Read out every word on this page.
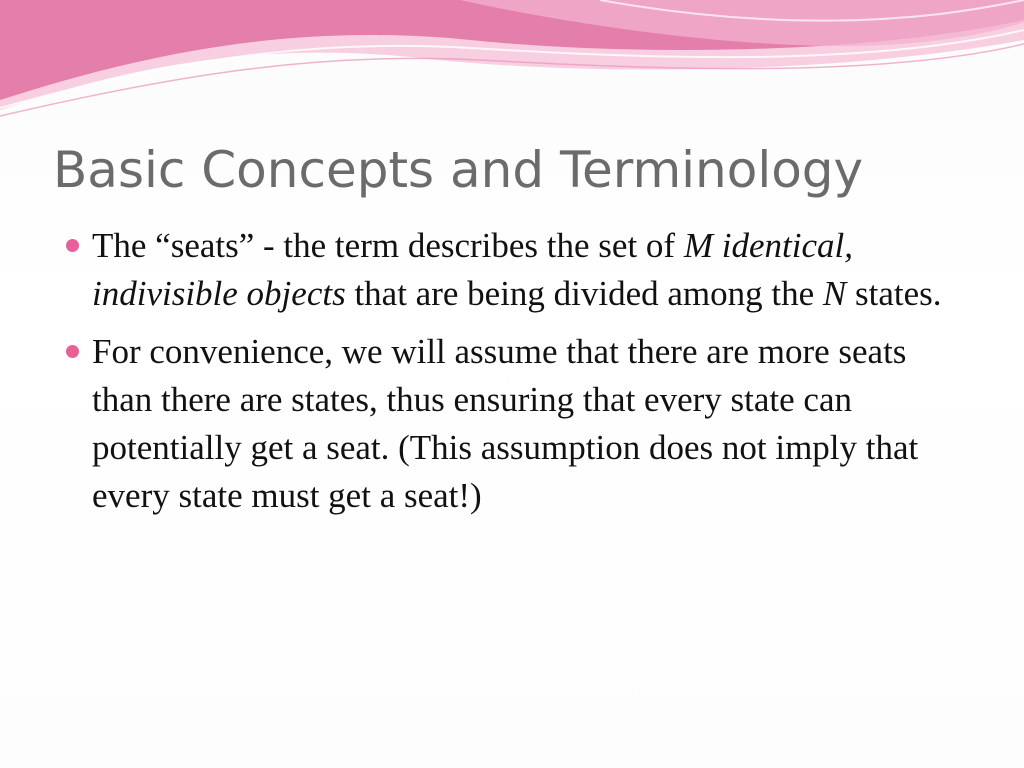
Basic Concepts and Terminology
The “seats” - the term describes the set of M identical, indivisible objects that are being divided among the N states.
For convenience, we will assume that there are more seats than there are states, thus ensuring that every state can potentially get a seat. (This assumption does not imply that every state must get a seat!)
